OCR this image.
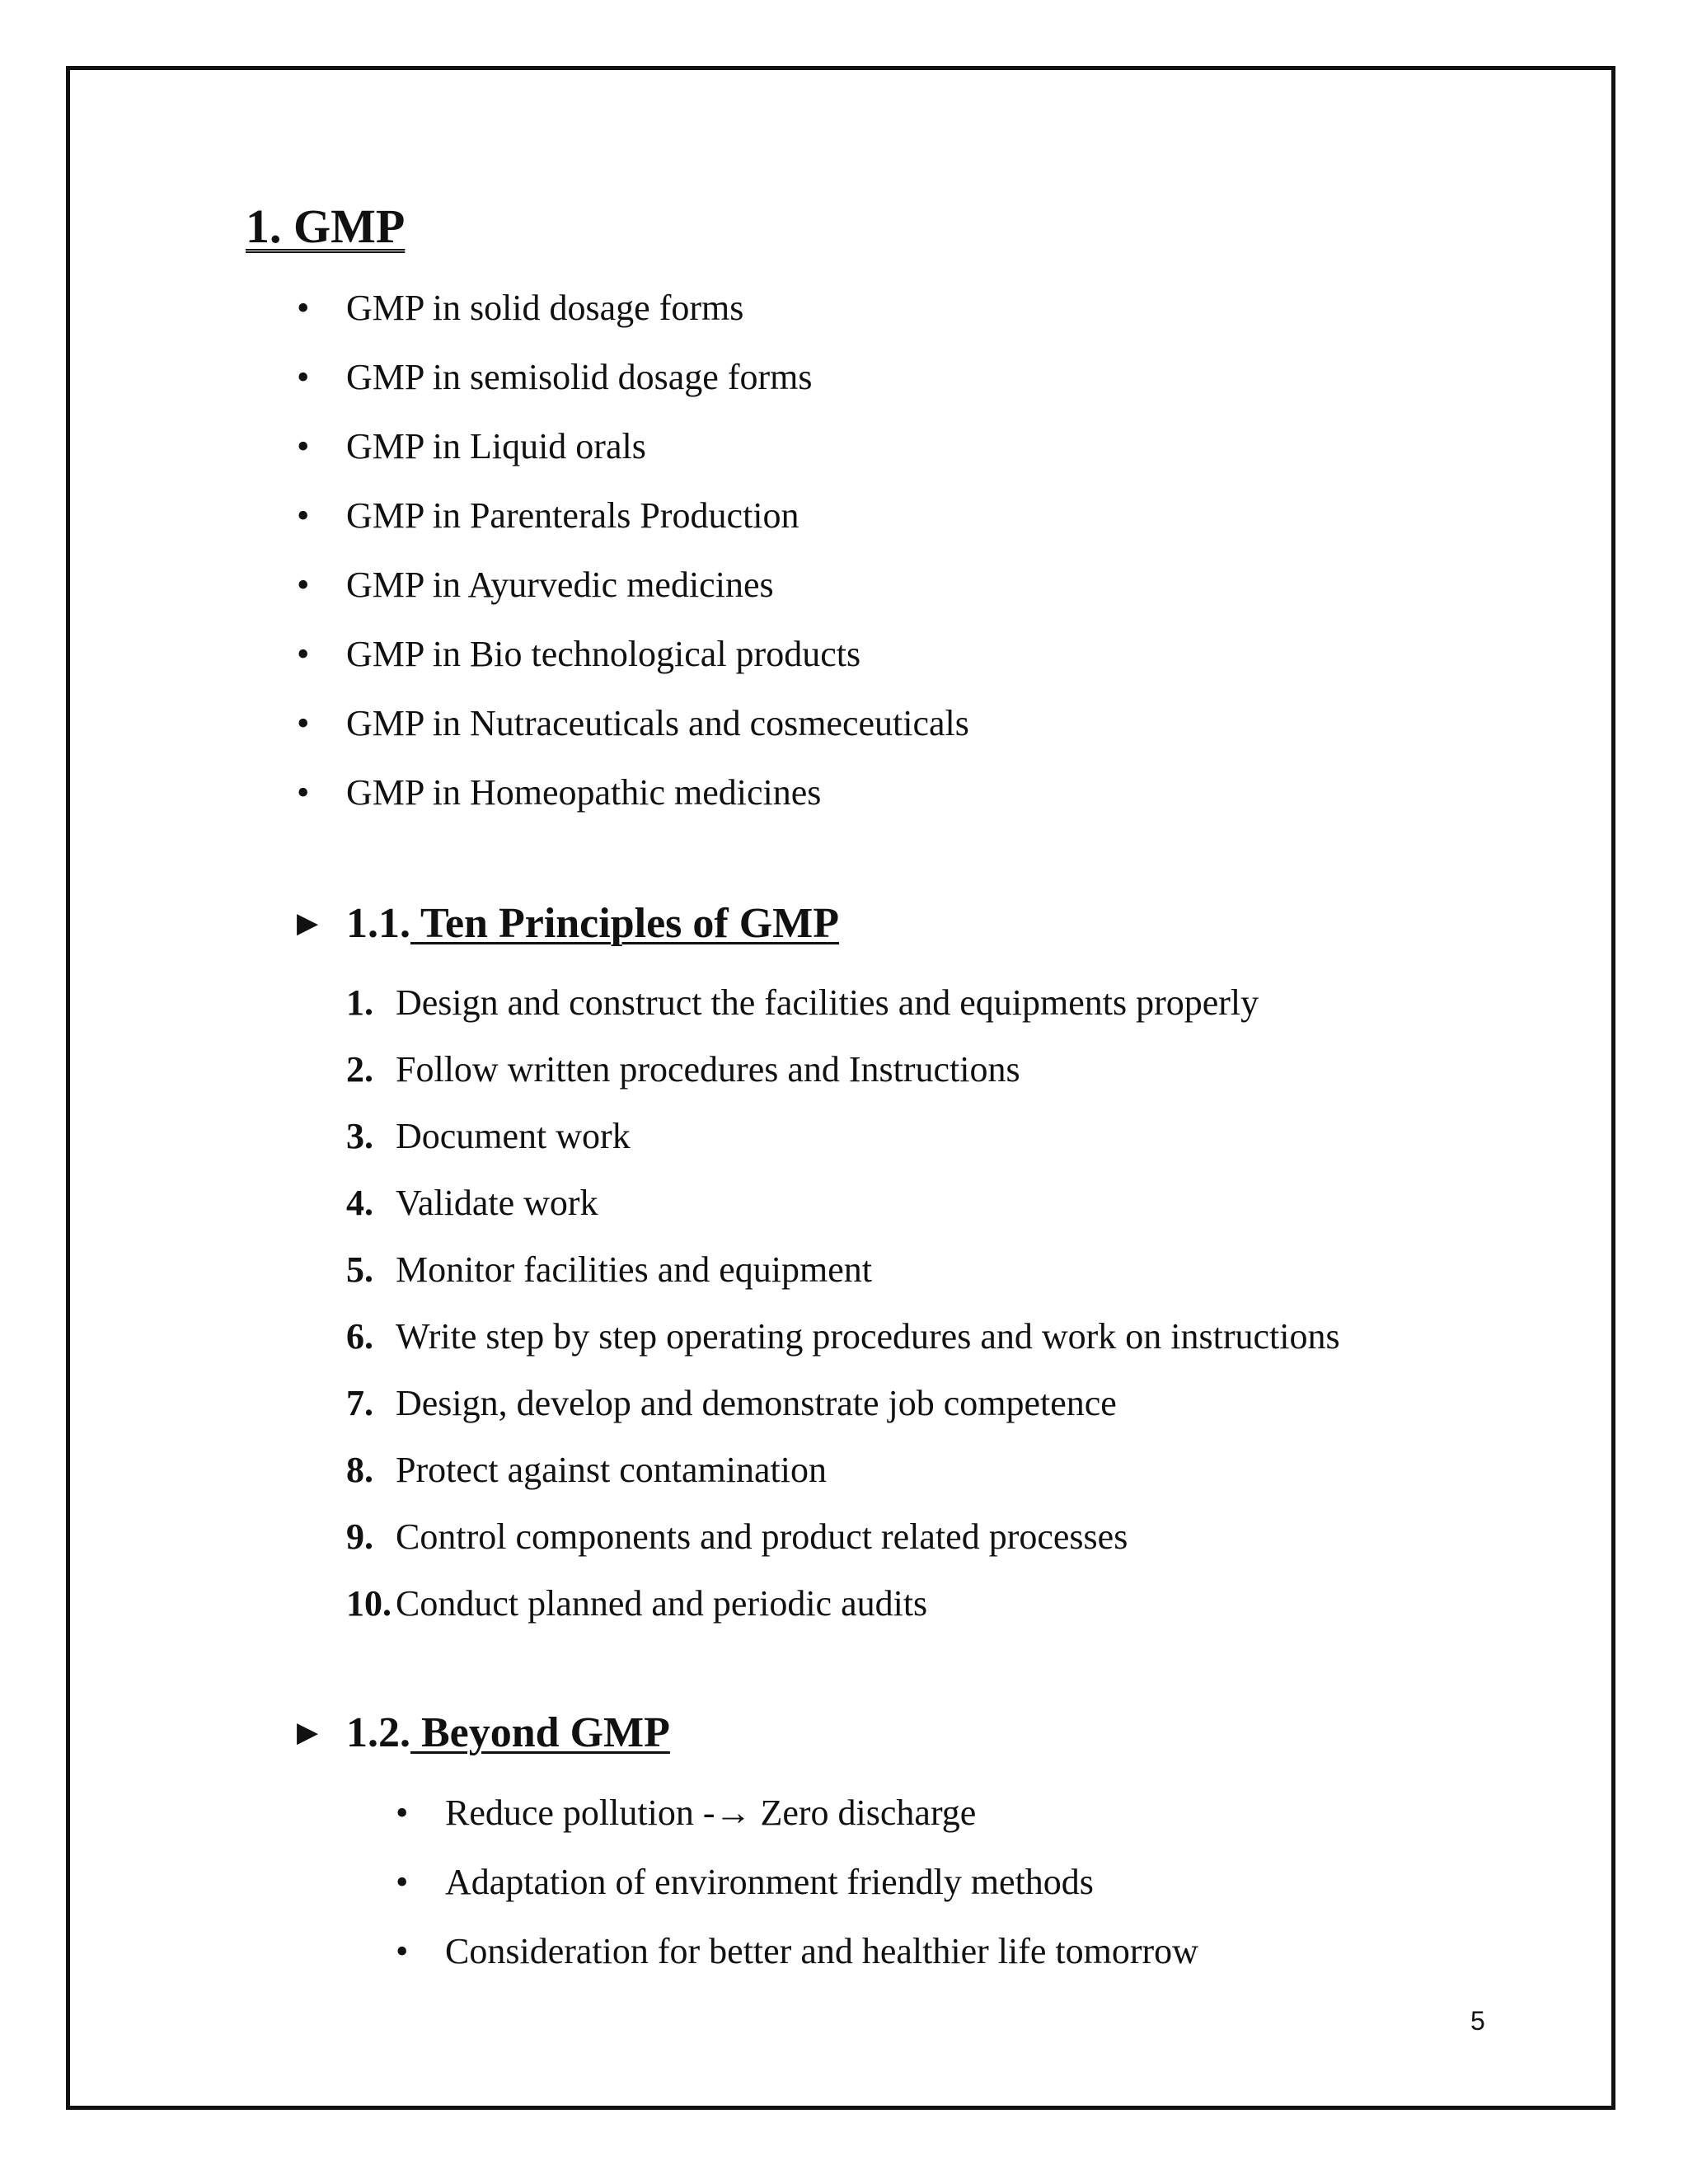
1. GMP
•	GMP in solid dosage forms
•	GMP in semisolid dosage forms
•	GMP in Liquid orals
•	GMP in Parenterals Production
•	GMP in Ayurvedic medicines
•	GMP in Bio technological products
•	GMP in Nutraceuticals and cosmeceuticals
•	GMP in Homeopathic medicines
▶ 1.1. Ten Principles of GMP
1. Design and construct the facilities and equipments properly
2. Follow written procedures and Instructions
3. Document work
4. Validate work
5. Monitor facilities and equipment
6. Write step by step operating procedures and work on instructions
7. Design, develop and demonstrate job competence
8. Protect against contamination
9. Control components and product related processes
10. Conduct planned and periodic audits
▶ 1.2. Beyond GMP
•	Reduce pollution -→ Zero discharge
•	Adaptation of environment friendly methods
•	Consideration for better and healthier life tomorrow
5
